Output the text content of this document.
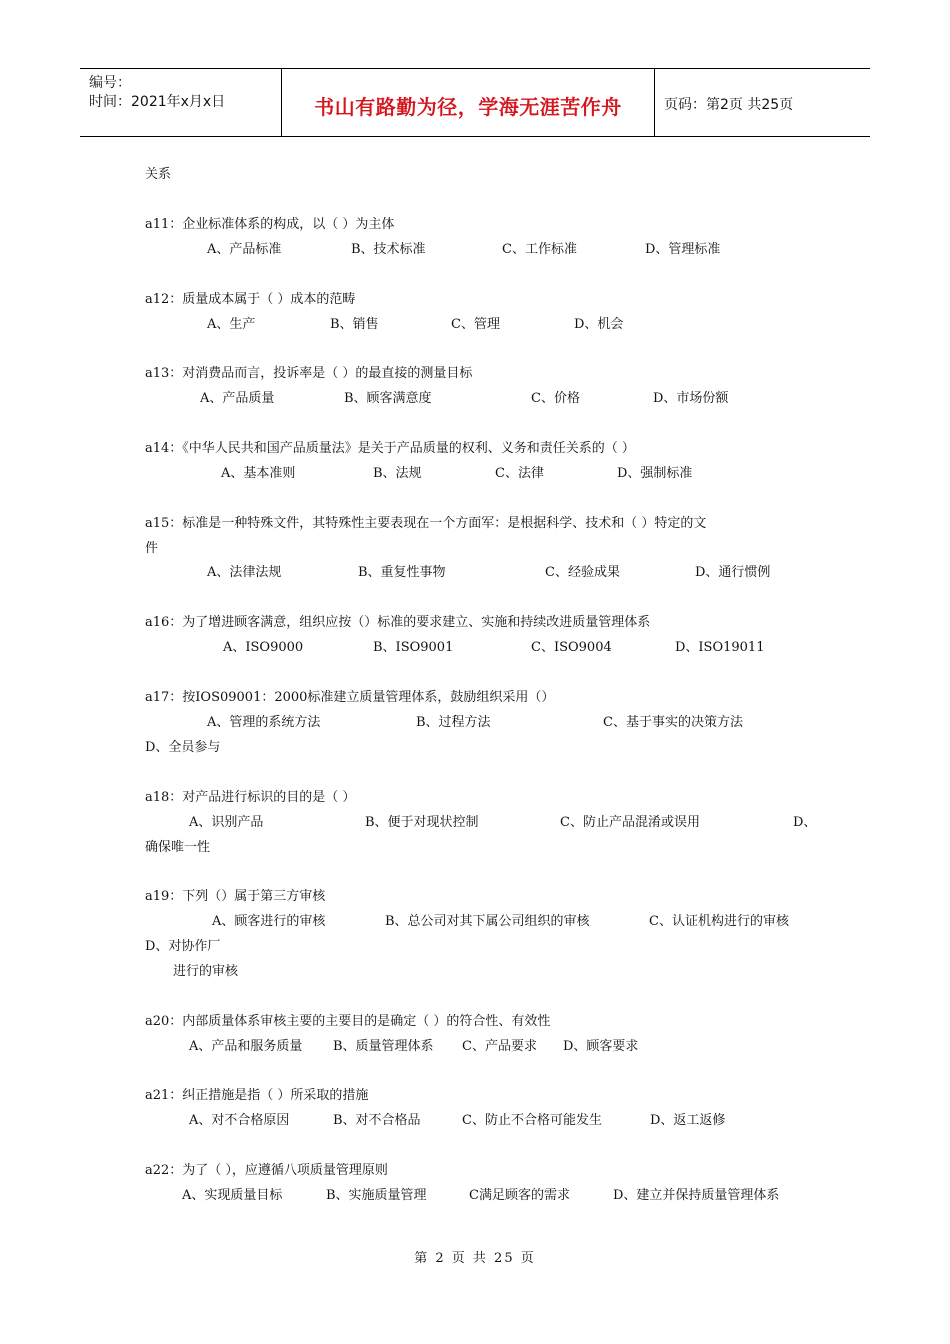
编号：
时间：2021年x月x日	书山有路勤为径，学海无涯苦作舟	页码：第2页 共25页
关系
a11：企业标准体系的构成，以（ ）为主体
A、产品标准	B、技术标准	C、工作标准	D、管理标准
a12：质量成本属于（ ）成本的范畴
A、生产	B、销售	C、管理	D、机会
a13：对消费品而言，投诉率是（ ）的最直接的测量目标
A、产品质量	B、顾客满意度	C、价格	D、市场份额
a14：《中华人民共和国产品质量法》是关于产品质量的权利、义务和责任关系的（ ）
A、基本准则	B、法规	C、法律	D、强制标准
a15：标准是一种特殊文件，其特殊性主要表现在一个方面军：是根据科学、技术和（ ）特定的文
件
A、法律法规	B、重复性事物	C、经验成果	D、通行惯例
a16：为了增进顾客满意，组织应按（）标准的要求建立、实施和持续改进质量管理体系
A、ISO9000	B、ISO9001	C、ISO9004	D、ISO19011
a17：按IOS09001：2000标准建立质量管理体系，鼓励组织采用（）
A、管理的系统方法	B、过程方法	C、基于事实的决策方法
D、全员参与
a18：对产品进行标识的目的是（ ）
A、识别产品	B、便于对现状控制	C、防止产品混淆或误用	D、
确保唯一性
a19：下列（）属于第三方审核
A、顾客进行的审核	B、总公司对其下属公司组织的审核	C、认证机构进行的审核
D、对协作厂
进行的审核
a20：内部质量体系审核主要的主要目的是确定（ ）的符合性、有效性
A、产品和服务质量 B、质量管理体系 C、产品要求 D、顾客要求
a21：纠正措施是指（ ）所采取的措施
A、对不合格原因	B、对不合格品	C、防止不合格可能发生	D、返工返修
a22：为了（ ），应遵循八项质量管理原则
A、实现质量目标	B、实施质量管理	C满足顾客的需求	D、建立并保持质量管理体系
第 2 页 共 25 页
